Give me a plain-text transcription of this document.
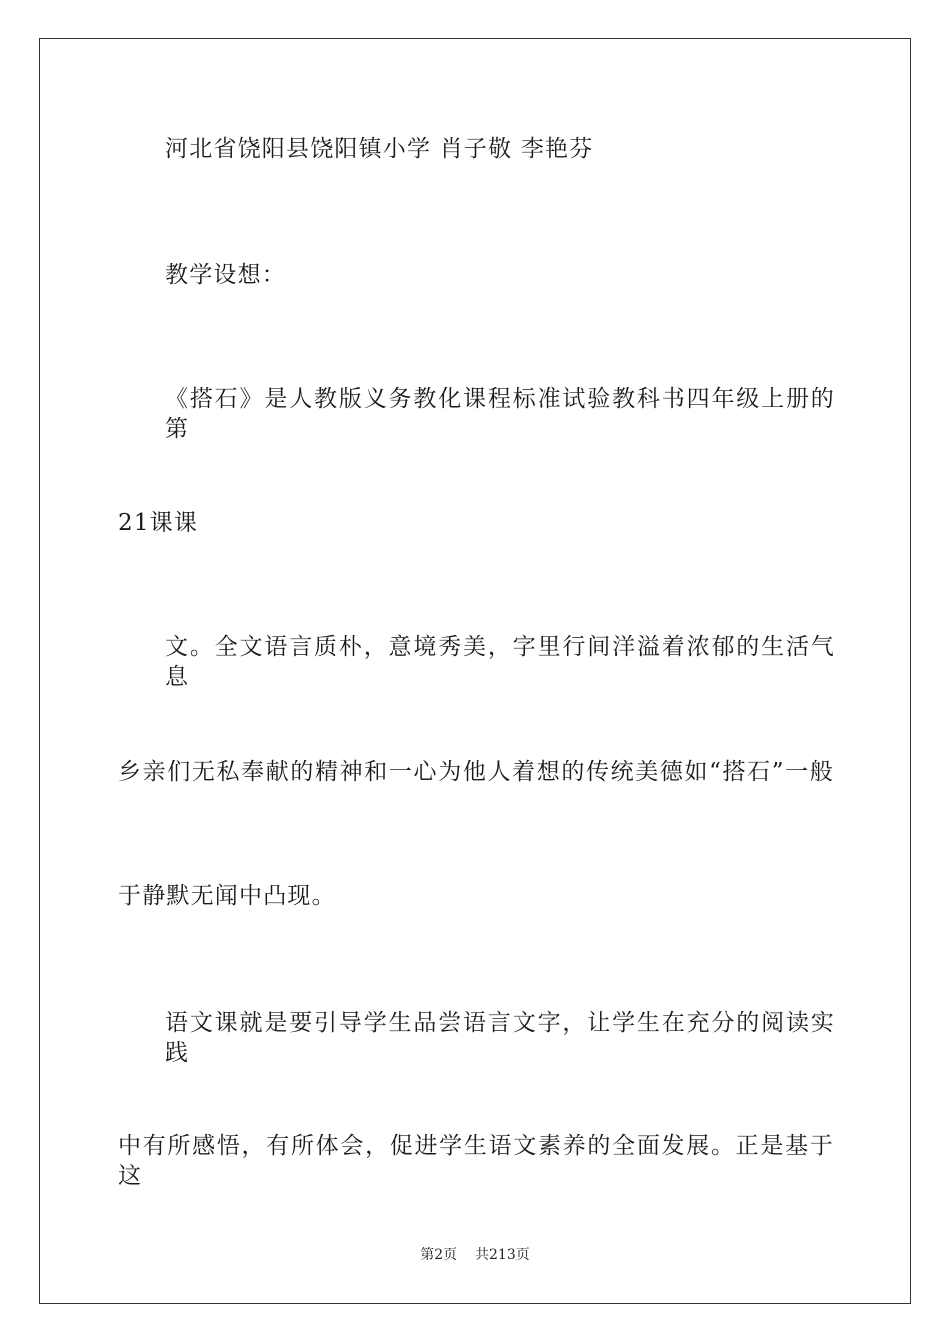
河北省饶阳县饶阳镇小学 肖子敬 李艳芬
教学设想：
《搭石》是人教版义务教化课程标准试验教科书四年级上册的第
21课课
文。全文语言质朴，意境秀美，字里行间洋溢着浓郁的生活气息
乡亲们无私奉献的精神和一心为他人着想的传统美德如“搭石”一般
于静默无闻中凸现。
语文课就是要引导学生品尝语言文字，让学生在充分的阅读实践
中有所感悟，有所体会，促进学生语文素养的全面发展。正是基于这
第2页 共213页
